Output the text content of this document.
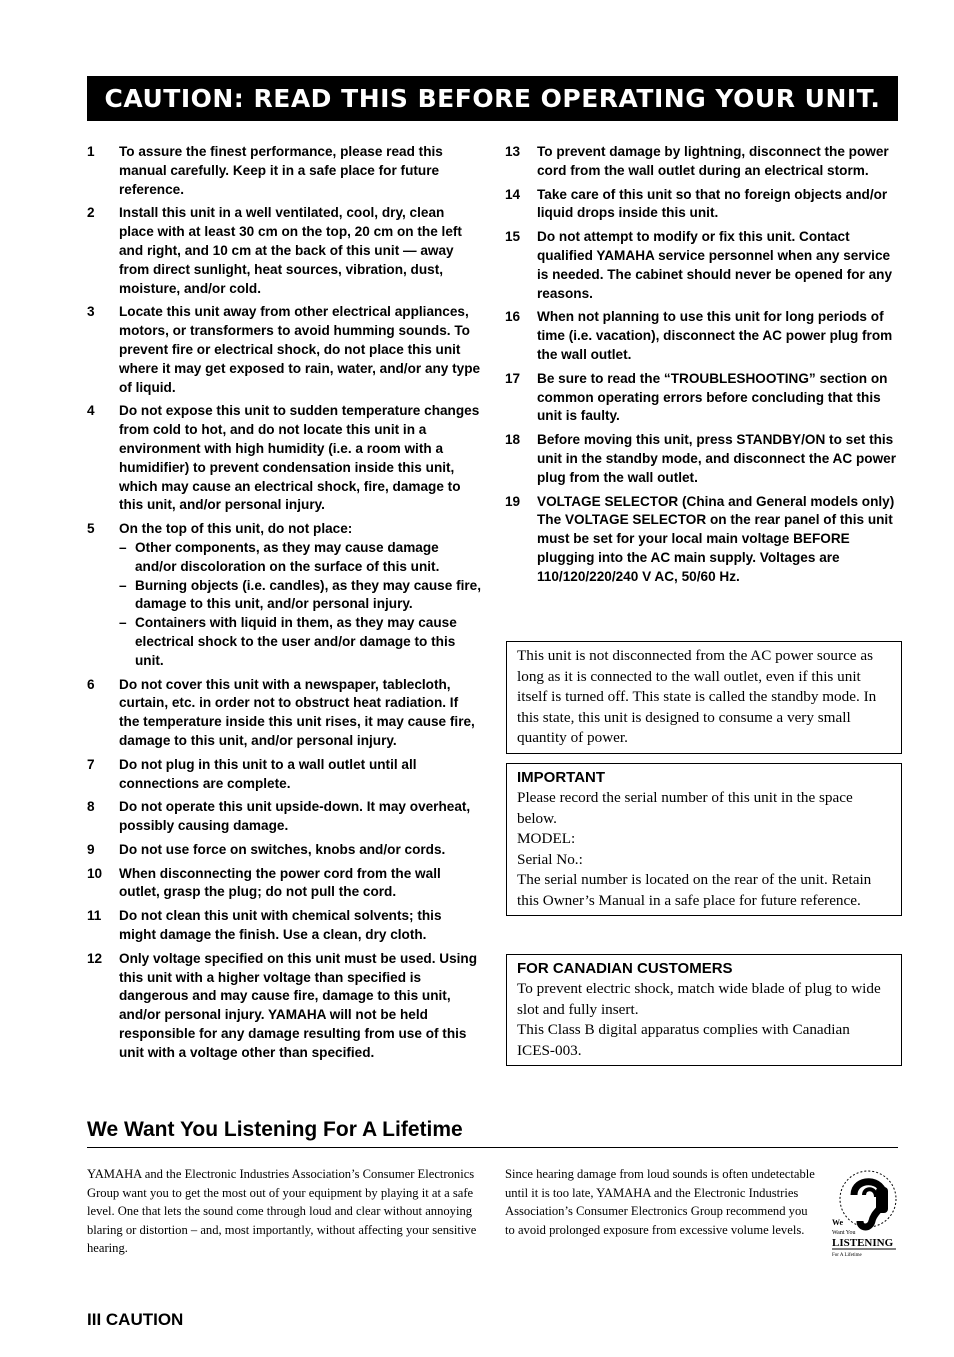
CAUTION: READ THIS BEFORE OPERATING YOUR UNIT.
1	To assure the finest performance, please read this manual carefully. Keep it in a safe place for future reference.
2	Install this unit in a well ventilated, cool, dry, clean place with at least 30 cm on the top, 20 cm on the left and right, and 10 cm at the back of this unit — away from direct sunlight, heat sources, vibration, dust, moisture, and/or cold.
3	Locate this unit away from other electrical appliances, motors, or transformers to avoid humming sounds. To prevent fire or electrical shock, do not place this unit where it may get exposed to rain, water, and/or any type of liquid.
4	Do not expose this unit to sudden temperature changes from cold to hot, and do not locate this unit in a environment with high humidity (i.e. a room with a humidifier) to prevent condensation inside this unit, which may cause an electrical shock, fire, damage to this unit, and/or personal injury.
5	On the top of this unit, do not place:
– Other components, as they may cause damage and/or discoloration on the surface of this unit.
– Burning objects (i.e. candles), as they may cause fire, damage to this unit, and/or personal injury.
– Containers with liquid in them, as they may cause electrical shock to the user and/or damage to this unit.
6	Do not cover this unit with a newspaper, tablecloth, curtain, etc. in order not to obstruct heat radiation. If the temperature inside this unit rises, it may cause fire, damage to this unit, and/or personal injury.
7	Do not plug in this unit to a wall outlet until all connections are complete.
8	Do not operate this unit upside-down. It may overheat, possibly causing damage.
9	Do not use force on switches, knobs and/or cords.
10	When disconnecting the power cord from the wall outlet, grasp the plug; do not pull the cord.
11	Do not clean this unit with chemical solvents; this might damage the finish. Use a clean, dry cloth.
12	Only voltage specified on this unit must be used. Using this unit with a higher voltage than specified is dangerous and may cause fire, damage to this unit, and/or personal injury. YAMAHA will not be held responsible for any damage resulting from use of this unit with a voltage other than specified.
13	To prevent damage by lightning, disconnect the power cord from the wall outlet during an electrical storm.
14	Take care of this unit so that no foreign objects and/or liquid drops inside this unit.
15	Do not attempt to modify or fix this unit. Contact qualified YAMAHA service personnel when any service is needed. The cabinet should never be opened for any reasons.
16	When not planning to use this unit for long periods of time (i.e. vacation), disconnect the AC power plug from the wall outlet.
17	Be sure to read the “TROUBLESHOOTING” section on common operating errors before concluding that this unit is faulty.
18	Before moving this unit, press STANDBY/ON to set this unit in the standby mode, and disconnect the AC power plug from the wall outlet.
19	VOLTAGE SELECTOR (China and General models only)
The VOLTAGE SELECTOR on the rear panel of this unit must be set for your local main voltage BEFORE plugging into the AC main supply. Voltages are 110/120/220/240 V AC, 50/60 Hz.

This unit is not disconnected from the AC power source as long as it is connected to the wall outlet, even if this unit itself is turned off. This state is called the standby mode. In this state, this unit is designed to consume a very small quantity of power.

IMPORTANT

Please record the serial number of this unit in the space below.

MODEL:

Serial No.:

The serial number is located on the rear of the unit. Retain this Owner’s Manual in a safe place for future reference.

FOR CANADIAN CUSTOMERS

To prevent electric shock, match wide blade of plug to wide slot and fully insert.

This Class B digital apparatus complies with Canadian ICES-003.

We Want You Listening For A Lifetime
YAMAHA and the Electronic Industries Association’s Consumer Electronics Group want you to get the most out of your equipment by playing it at a safe level. One that lets the sound come through loud and clear without annoying blaring or distortion – and, most importantly, without affecting your sensitive hearing.
Since hearing damage from loud sounds is often undetectable until it is too late, YAMAHA and the Electronic Industries Association’s Consumer Electronics Group recommend you to avoid prolonged exposure from excessive volume levels.
We
Want You
LISTENING
For A Lifetime
III CAUTION
